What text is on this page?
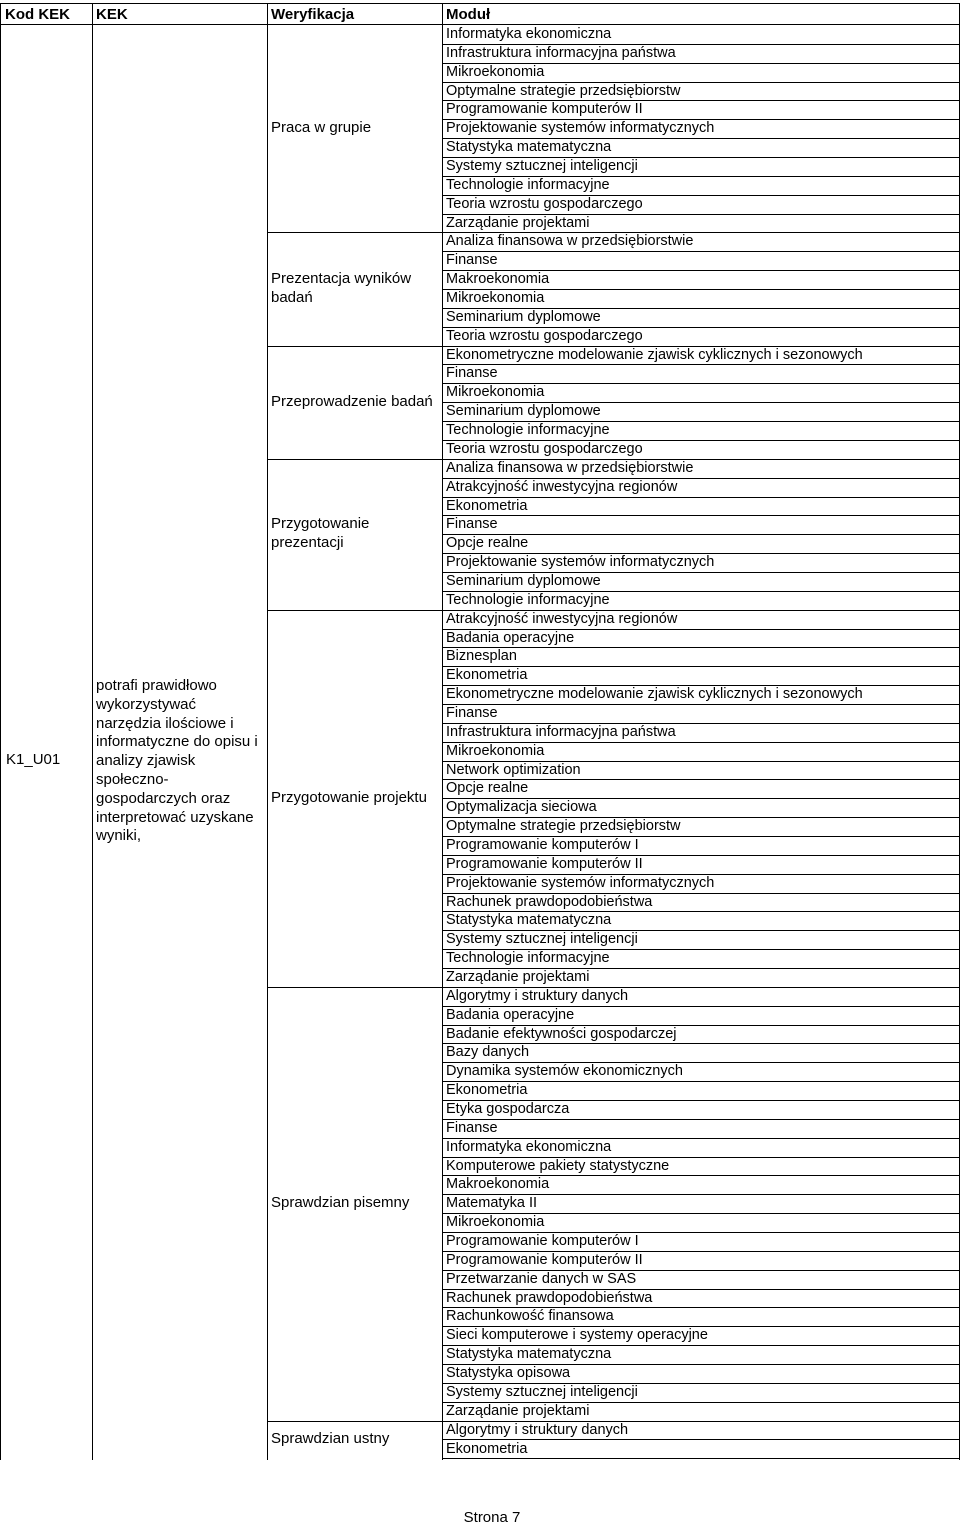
Kod KEK KEK	Weryfikacja	Moduł
K1_U01
potrafi prawidłowo
wykorzystywać
narzędzia ilościowe i
informatyczne do opisu i
analizy zjawisk
społeczno-
gospodarczych oraz
interpretować uzyskane
wyniki,
Informatyka ekonomiczna
Infrastruktura informacyjna państwa
Mikroekonomia
Optymalne strategie przedsiębiorstw
Programowanie komputerów II
Projektowanie systemów informatycznych
Statystyka matematyczna
Systemy sztucznej inteligencji
Technologie informacyjne
Teoria wzrostu gospodarczego
Zarządanie projektami
Praca w grupie
Analiza finansowa w przedsiębiorstwie
Finanse
Makroekonomia
Mikroekonomia
Seminarium dyplomowe
Teoria wzrostu gospodarczego
Prezentacja wyników
badań
Ekonometryczne modelowanie zjawisk cyklicznych i sezonowych
Finanse
Mikroekonomia
Seminarium dyplomowe
Technologie informacyjne
Teoria wzrostu gospodarczego
Przeprowadzenie badań
Analiza finansowa w przedsiębiorstwie
Atrakcyjność inwestycyjna regionów
Ekonometria
Finanse
Opcje realne
Projektowanie systemów informatycznych
Seminarium dyplomowe
Technologie informacyjne
Przygotowanie
prezentacji
Atrakcyjność inwestycyjna regionów
Badania operacyjne
Biznesplan
Ekonometria
Ekonometryczne modelowanie zjawisk cyklicznych i sezonowych
Finanse
Infrastruktura informacyjna państwa
Mikroekonomia
Network optimization
Opcje realne
Optymalizacja sieciowa
Optymalne strategie przedsiębiorstw
Programowanie komputerów I
Programowanie komputerów II
Projektowanie systemów informatycznych
Rachunek prawdopodobieństwa
Statystyka matematyczna
Systemy sztucznej inteligencji
Technologie informacyjne
Zarządanie projektami
Przygotowanie projektu
Algorytmy i struktury danych
Badania operacyjne
Badanie efektywności gospodarczej
Bazy danych
Dynamika systemów ekonomicznych
Ekonometria
Etyka gospodarcza
Finanse
Informatyka ekonomiczna
Komputerowe pakiety statystyczne
Makroekonomia
Matematyka II
Mikroekonomia
Programowanie komputerów I
Programowanie komputerów II
Przetwarzanie danych w SAS
Rachunek prawdopodobieństwa
Rachunkowość finansowa
Sieci komputerowe i systemy operacyjne
Statystyka matematyczna
Statystyka opisowa
Systemy sztucznej inteligencji
Zarządanie projektami
Sprawdzian pisemny
Algorytmy i struktury danych
Ekonometria
Sprawdzian ustny
Strona 7
